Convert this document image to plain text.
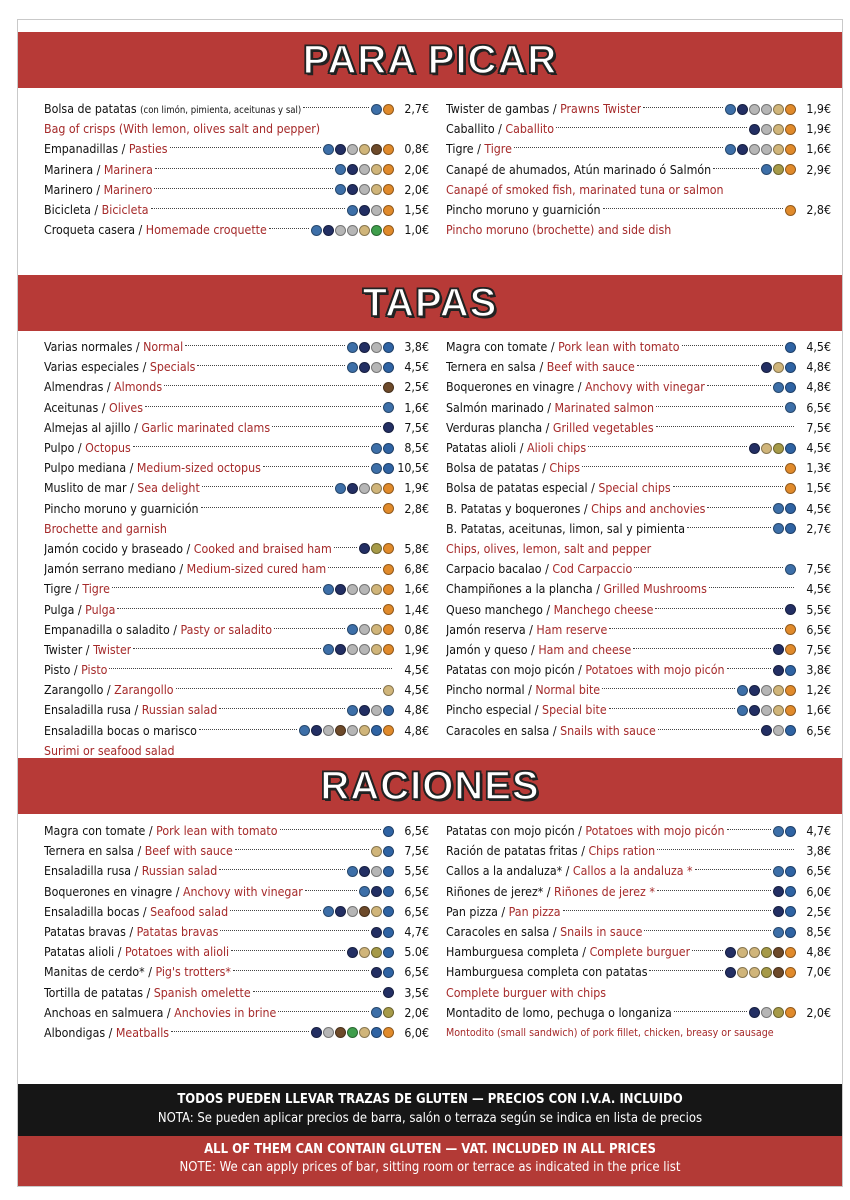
PARA PICAR
Bolsa de patatas (con limón, pimienta, aceitunas y sal)	2,7€
Bag of crisps (With lemon, olives salt and pepper)
Empanadillas / Pasties	0,8€
Marinera / Marinera	2,0€
Marinero / Marinero	2,0€
Bicicleta / Bicicleta	1,5€
Croqueta casera / Homemade croquette	1,0€
Twister de gambas / Prawns Twister	1,9€
Caballito / Caballito	1,9€
Tigre / Tigre	1,6€
Canapé de ahumados, Atún marinado ó Salmón	2,9€
Canapé of smoked fish, marinated tuna or salmon
Pincho moruno y guarnición	2,8€
Pincho moruno (brochette) and side dish
TAPAS
Varias normales / Normal	3,8€
Varias especiales / Specials	4,5€
Almendras / Almonds	2,5€
Aceitunas / Olives	1,6€
Almejas al ajillo / Garlic marinated clams	7,5€
Pulpo / Octopus	8,5€
Pulpo mediana / Medium-sized octopus	10,5€
Muslito de mar / Sea delight	1,9€
Pincho moruno y guarnición	2,8€
Brochette and garnish
Jamón cocido y braseado / Cooked and braised ham	5,8€
Jamón serrano mediano / Medium-sized cured ham	6,8€
Tigre / Tigre	1,6€
Pulga / Pulga	1,4€
Empanadilla o saladito / Pasty or saladito	0,8€
Twister / Twister	1,9€
Pisto / Pisto	4,5€
Zarangollo / Zarangollo	4,5€
Ensaladilla rusa / Russian salad	4,8€
Ensaladilla bocas o marisco	4,8€
Surimi or seafood salad
Magra con tomate / Pork lean with tomato	4,5€
Ternera en salsa / Beef with sauce	4,8€
Boquerones en vinagre / Anchovy with vinegar	4,8€
Salmón marinado / Marinated salmon	6,5€
Verduras plancha / Grilled vegetables	7,5€
Patatas alioli / Alioli chips	4,5€
Bolsa de patatas / Chips	1,3€
Bolsa de patatas especial / Special chips	1,5€
B. Patatas y boquerones / Chips and anchovies	4,5€
B. Patatas, aceitunas, limon, sal y pimienta	2,7€
Chips, olives, lemon, salt and pepper
Carpacio bacalao / Cod Carpaccio	7,5€
Champiñones a la plancha / Grilled Mushrooms	4,5€
Queso manchego / Manchego cheese	5,5€
Jamón reserva / Ham reserve	6,5€
Jamón y queso / Ham and cheese	7,5€
Patatas con mojo picón / Potatoes with mojo picón	3,8€
Pincho normal / Normal bite	1,2€
Pincho especial / Special bite	1,6€
Caracoles en salsa / Snails with sauce	6,5€
RACIONES
Magra con tomate / Pork lean with tomato	6,5€
Ternera en salsa / Beef with sauce	7,5€
Ensaladilla rusa / Russian salad	5,5€
Boquerones en vinagre / Anchovy with vinegar	6,5€
Ensaladilla bocas / Seafood salad	6,5€
Patatas bravas / Patatas bravas	4,7€
Patatas alioli / Potatoes with alioli	5.0€
Manitas de cerdo* / Pig's trotters*	6,5€
Tortilla de patatas / Spanish omelette	3,5€
Anchoas en salmuera / Anchovies in brine	2,0€
Albondigas / Meatballs	6,0€
Patatas con mojo picón / Potatoes with mojo picón	4,7€
Ración de patatas fritas / Chips ration	3,8€
Callos a la andaluza* / Callos a la andaluza *	6,5€
Riñones de jerez* / Riñones de jerez *	6,0€
Pan pizza / Pan pizza	2,5€
Caracoles en salsa / Snails in sauce	8,5€
Hamburguesa completa / Complete burguer	4,8€
Hamburguesa completa con patatas	7,0€
Complete burguer with chips
Montadito de lomo, pechuga o longaniza	2,0€
Montodito (small sandwich) of pork fillet, chicken, breasy or sausage
TODOS PUEDEN LLEVAR TRAZAS DE GLUTEN — PRECIOS CON I.V.A. INCLUIDO
NOTA: Se pueden aplicar precios de barra, salón o terraza según se indica en lista de precios
ALL OF THEM CAN CONTAIN GLUTEN — VAT. INCLUDED IN ALL PRICES
NOTE: We can apply prices of bar, sitting room or terrace as indicated in the price list
